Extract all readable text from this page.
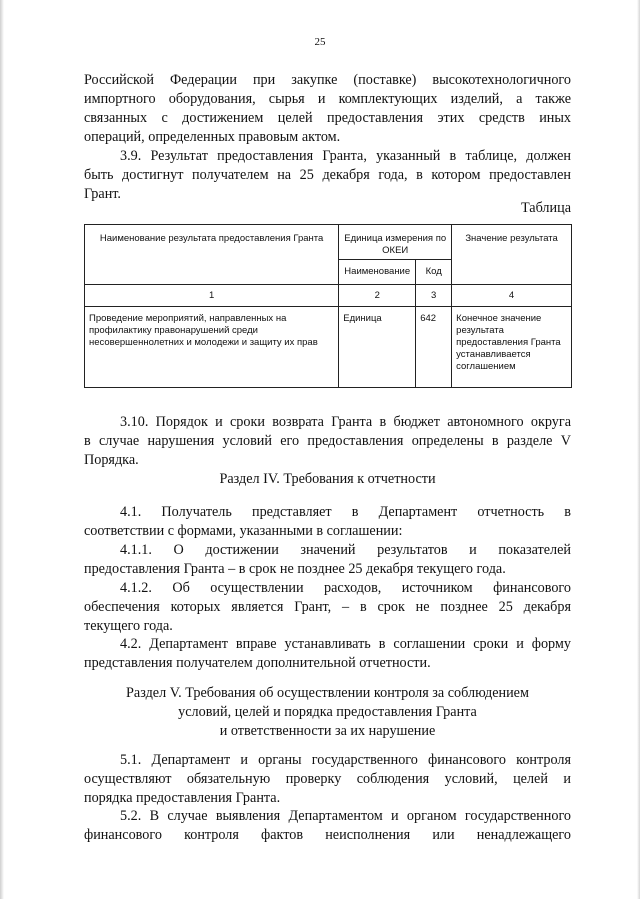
25
Российской Федерации при закупке (поставке) высокотехнологичного
импортного оборудования, сырья и комплектующих изделий, а также
связанных с достижением целей предоставления этих средств иных
операций, определенных правовым актом.
3.9. Результат предоставления Гранта, указанный в таблице, должен
быть достигнут получателем на 25 декабря года, в котором предоставлен
Грант.
Таблица
Наименование результата предоставления Гранта	Единица измерения по ОКЕИ		Значение результата
	Наименование	Код	
1	2	3	4
Проведение мероприятий, направленных на профилактику правонарушений среди несовершеннолетних и молодежи и защиту их прав	Единица	642	Конечное значение результата предоставления Гранта устанавливается соглашением
3.10. Порядок и сроки возврата Гранта в бюджет автономного округа
в случае нарушения условий его предоставления определены в разделе V
Порядка.
Раздел IV. Требования к отчетности
4.1. Получатель представляет в Департамент отчетность в
соответствии с формами, указанными в соглашении:
4.1.1. О достижении значений результатов и показателей
предоставления Гранта – в срок не позднее 25 декабря текущего года.
4.1.2. Об осуществлении расходов, источником финансового
обеспечения которых является Грант, – в срок не позднее 25 декабря
текущего года.
4.2. Департамент вправе устанавливать в соглашении сроки и форму
представления получателем дополнительной отчетности.
Раздел V. Требования об осуществлении контроля за соблюдением
условий, целей и порядка предоставления Гранта
и ответственности за их нарушение
5.1. Департамент и органы государственного финансового контроля
осуществляют обязательную проверку соблюдения условий, целей и
порядка предоставления Гранта.
5.2. В случае выявления Департаментом и органом государственного
финансового контроля фактов неисполнения или ненадлежащего
